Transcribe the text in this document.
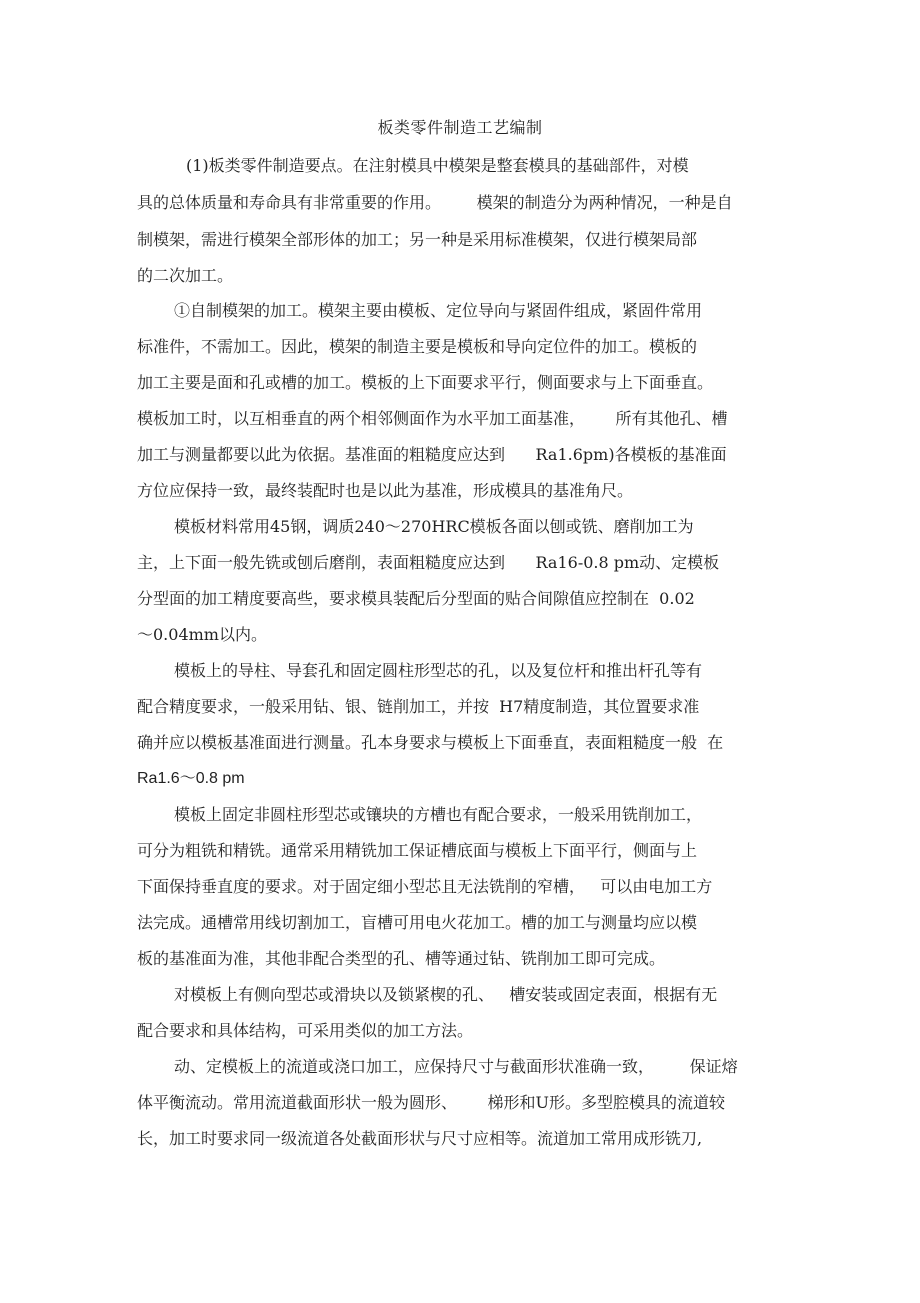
板类零件制造工艺编制
(1)板类零件制造要点。在注射模具中模架是整套模具的基础部件，对模
具的总体质量和寿命具有非常重要的作用。       模架的制造分为两种情况，一种是自
制模架，需进行模架全部形体的加工；另一种是采用标准模架，仅进行模架局部
的二次加工。
①自制模架的加工。模架主要由模板、定位导向与紧固件组成，紧固件常用
标准件，不需加工。因此，模架的制造主要是模板和导向定位件的加工。模板的
加工主要是面和孔或槽的加工。模板的上下面要求平行，侧面要求与上下面垂直。
模板加工时，以互相垂直的两个相邻侧面作为水平加工面基准，      所有其他孔、槽
加工与测量都要以此为依据。基准面的粗糙度应达到      Ra1.6pm)各模板的基准面
方位应保持一致，最终装配时也是以此为基准，形成模具的基准角尺。
模板材料常用45钢，调质240〜270HRC模板各面以刨或铣、磨削加工为
主，上下面一般先铣或刨后磨削，表面粗糙度应达到      Ra16-0.8 pm动、定模板
分型面的加工精度要高些，要求模具装配后分型面的贴合间隙值应控制在  0.02
〜0.04mm以内。
模板上的导柱、导套孔和固定圆柱形型芯的孔，以及复位杆和推出杆孔等有
配合精度要求，一般采用钻、银、链削加工，并按  H7精度制造，其位置要求准
确并应以模板基准面进行测量。孔本身要求与模板上下面垂直，表面粗糙度一般  在
Ra1.6〜0.8 pm
模板上固定非圆柱形型芯或镶块的方槽也有配合要求，一般采用铣削加工，
可分为粗铣和精铣。通常采用精铣加工保证槽底面与模板上下面平行，侧面与上
下面保持垂直度的要求。对于固定细小型芯且无法铣削的窄槽，   可以由电加工方
法完成。通槽常用线切割加工，盲槽可用电火花加工。槽的加工与测量均应以模
板的基准面为准，其他非配合类型的孔、槽等通过钻、铣削加工即可完成。
对模板上有侧向型芯或滑块以及锁紧楔的孔、   槽安装或固定表面，根据有无
配合要求和具体结构，可采用类似的加工方法。
动、定模板上的流道或浇口加工，应保持尺寸与截面形状准确一致，       保证熔
体平衡流动。常用流道截面形状一般为圆形、      梯形和U形。多型腔模具的流道较
长，加工时要求同一级流道各处截面形状与尺寸应相等。流道加工常用成形铣刀,
